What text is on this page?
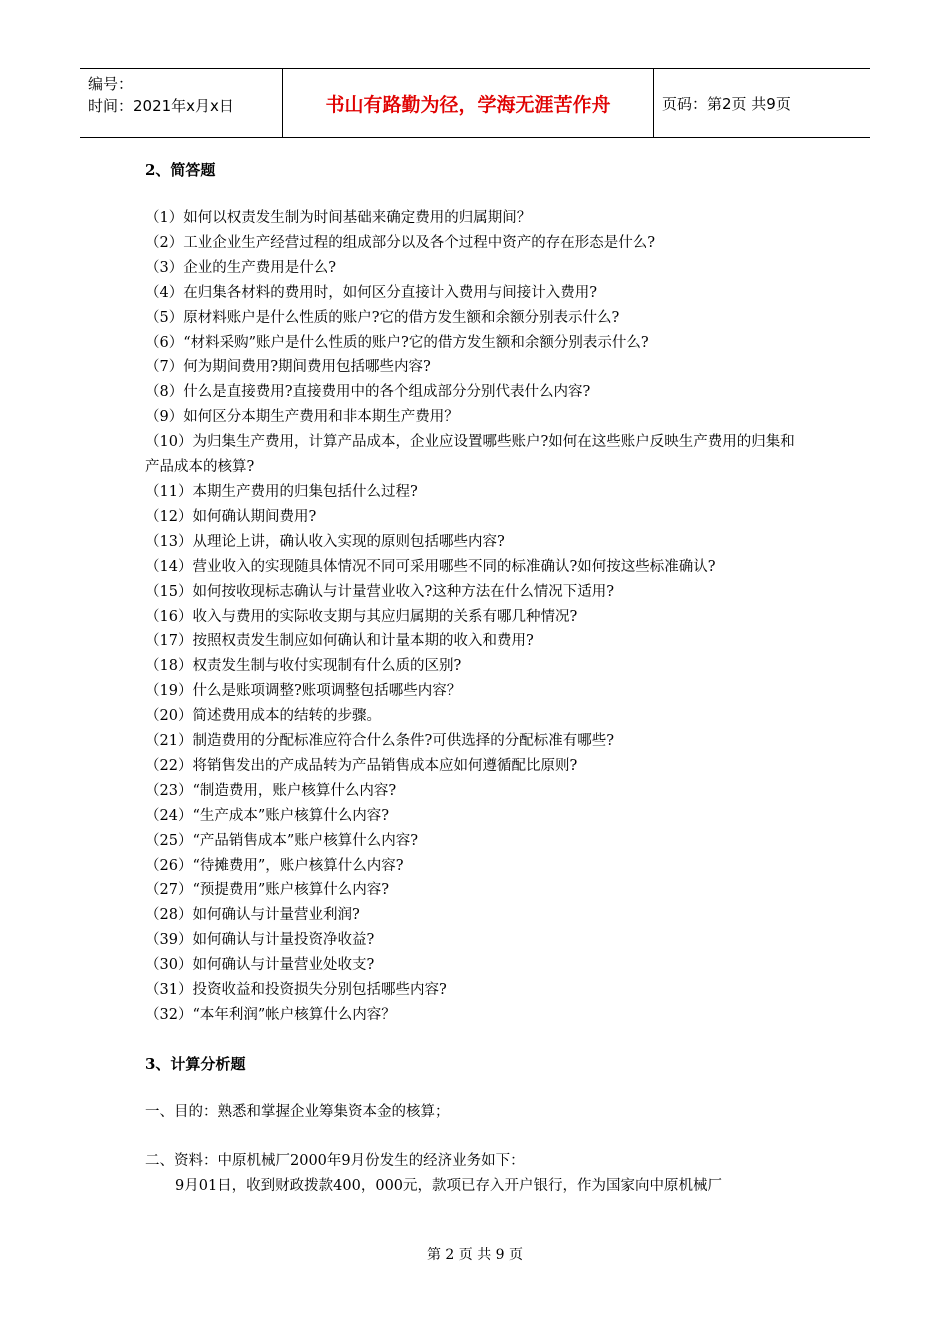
编号：
时间：2021年x月x日	书山有路勤为径，学海无涯苦作舟	页码：第2页 共9页

2、简答题

（1）如何以权责发生制为时间基础来确定费用的归属期间？

（2）工业企业生产经营过程的组成部分以及各个过程中资产的存在形态是什么?

（3）企业的生产费用是什么?

（4）在归集各材料的费用时，如何区分直接计入费用与间接计入费用?

（5）原材料账户是什么性质的账户?它的借方发生额和余额分别表示什么?

（6）“材料采购”账户是什么性质的账户?它的借方发生额和余额分别表示什么?

（7）何为期间费用?期间费用包括哪些内容?

（8）什么是直接费用?直接费用中的各个组成部分分别代表什么内容?

（9）如何区分本期生产费用和非本期生产费用？

（10）为归集生产费用，计算产品成本，企业应设置哪些账户?如何在这些账户反映生产费用的归集和产品成本的核算?

（11）本期生产费用的归集包括什么过程?

（12）如何确认期间费用?

（13）从理论上讲，确认收入实现的原则包括哪些内容?

（14）营业收入的实现随具体情况不同可采用哪些不同的标准确认?如何按这些标准确认?

（15）如何按收现标志确认与计量营业收入?这种方法在什么情况下适用?

（16）收入与费用的实际收支期与其应归属期的关系有哪几种情况?

（17）按照权责发生制应如何确认和计量本期的收入和费用?

（18）权责发生制与收付实现制有什么质的区别?

（19）什么是账项调整?账项调整包括哪些内容？

（20）简述费用成本的结转的步骤。

（21）制造费用的分配标准应符合什么条件?可供选择的分配标准有哪些?

（22）将销售发出的产成品转为产品销售成本应如何遵循配比原则?

（23）“制造费用，账户核算什么内容?

（24）“生产成本”账户核算什么内容?

（25）“产品销售成本”账户核算什么内容?

（26）“待摊费用”，账户核算什么内容?

（27）“预提费用”账户核算什么内容?

（28）如何确认与计量营业利润?

（39）如何确认与计量投资净收益?

（30）如何确认与计量营业处收支?

（31）投资收益和投资损失分别包括哪些内容?

（32）“本年利润”帐户核算什么内容？

3、计算分析题

一、目的：熟悉和掌握企业筹集资本金的核算；

二、资料：中原机械厂2000年9月份发生的经济业务如下：

9月01日，收到财政拨款400，000元，款项已存入开户银行，作为国家向中原机械厂

第 2 页 共 9 页
